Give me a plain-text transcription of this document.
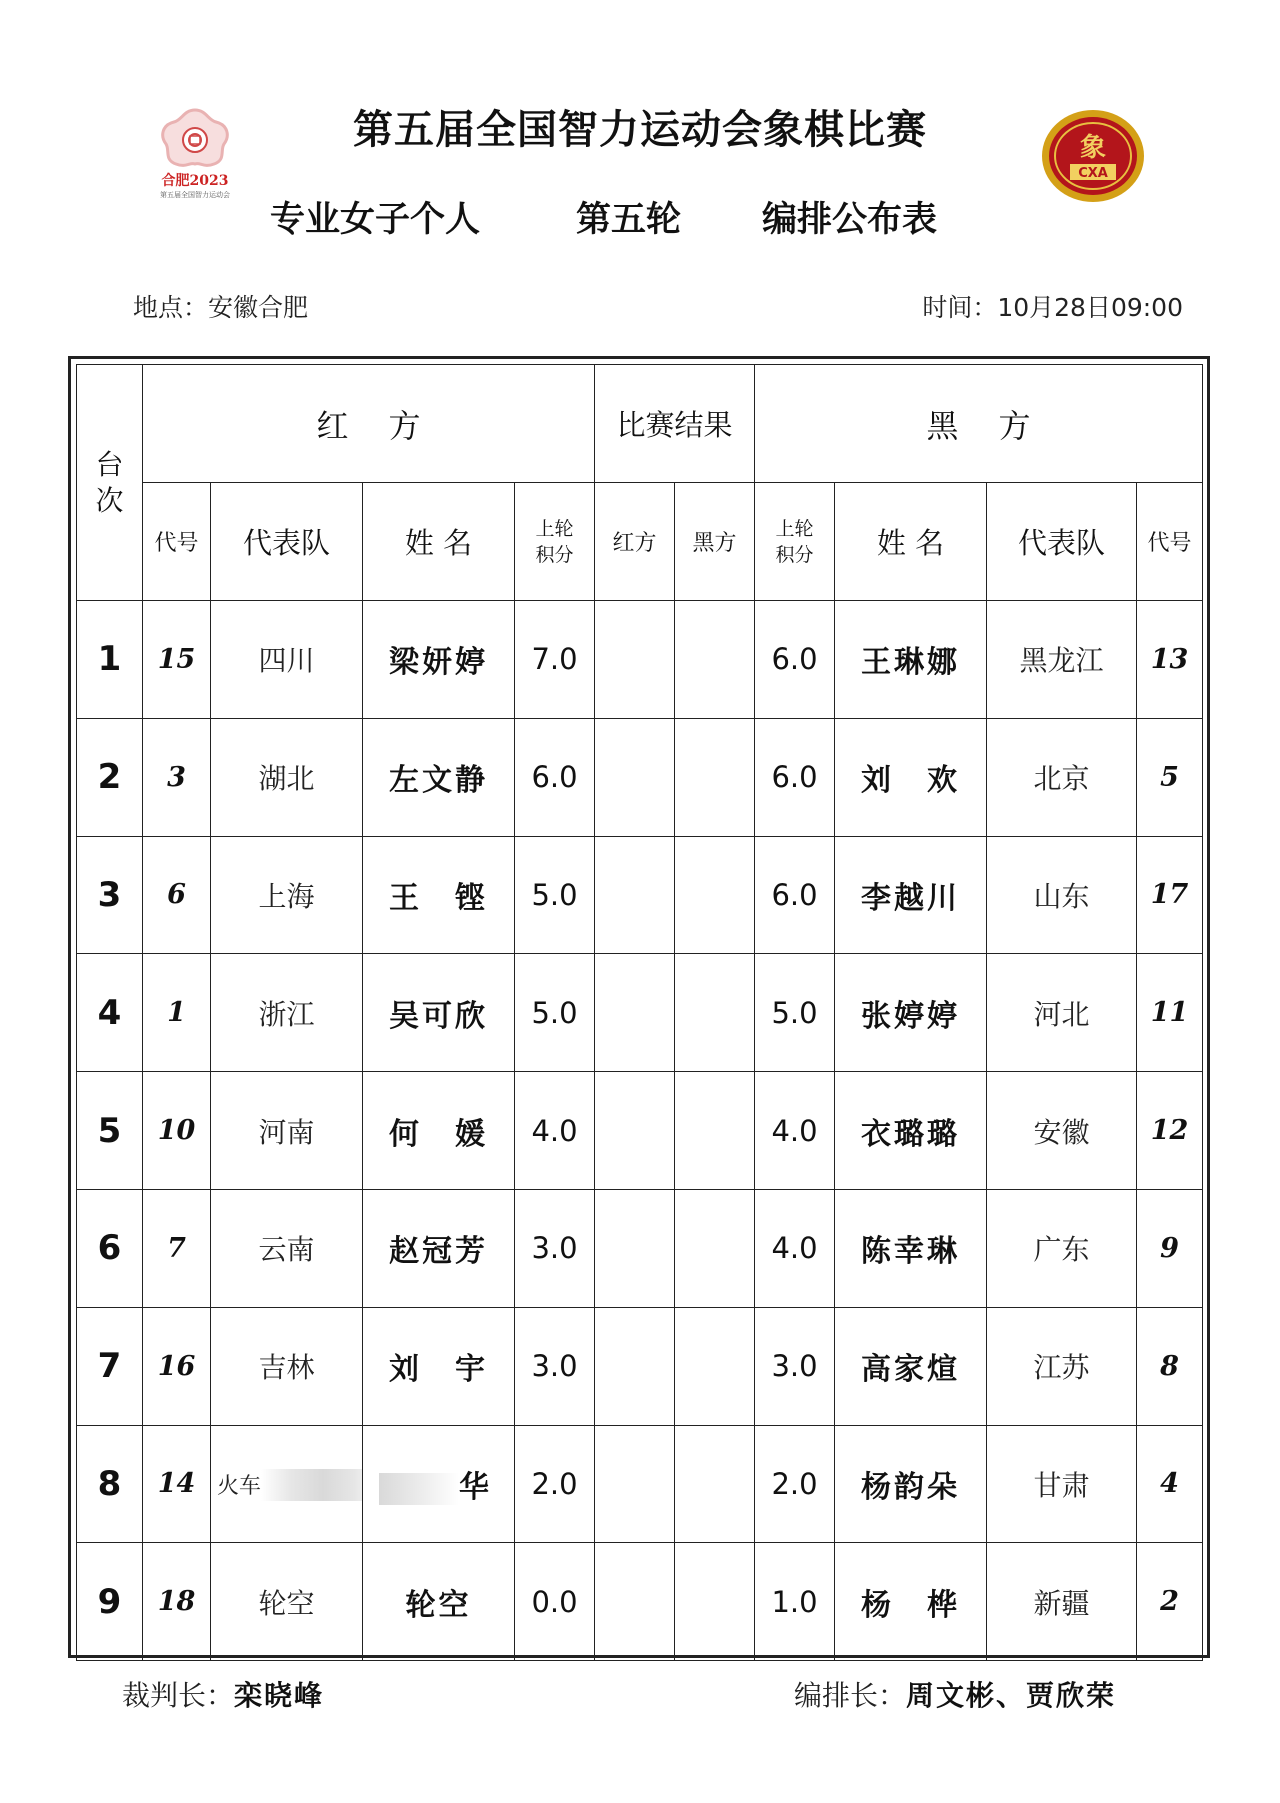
合肥2023
第五届全国智力运动会
象
CXA
第五届全国智力运动会象棋比赛
专业女子个人	第五轮 编排公布表
地点：安徽合肥	时间：10月28日09:00
台次	红方				比赛结果		黑方			
	代号	代表队	姓 名	上轮积分	红方	黑方	上轮积分	姓 名	代表队	代号
1	15	四川	梁妍婷	7.0			6.0	王琳娜	黑龙江	13
2	3	湖北	左文静	6.0			6.0	刘　欢	北京	5
3	6	上海	王　铿	5.0			6.0	李越川	山东	17
4	1	浙江	吴可欣	5.0			5.0	张婷婷	河北	11
5	10	河南	何　媛	4.0			4.0	衣璐璐	安徽	12
6	7	云南	赵冠芳	3.0			4.0	陈幸琳	广东	9
7	16	吉林	刘　宇	3.0			3.0	高家煊	江苏	8
8	14	火车	华	2.0			2.0	杨韵朵	甘肃	4
9	18	轮空	轮空	0.0			1.0	杨　桦	新疆	2
裁判长：栾晓峰	编排长：周文彬、贾欣荣
